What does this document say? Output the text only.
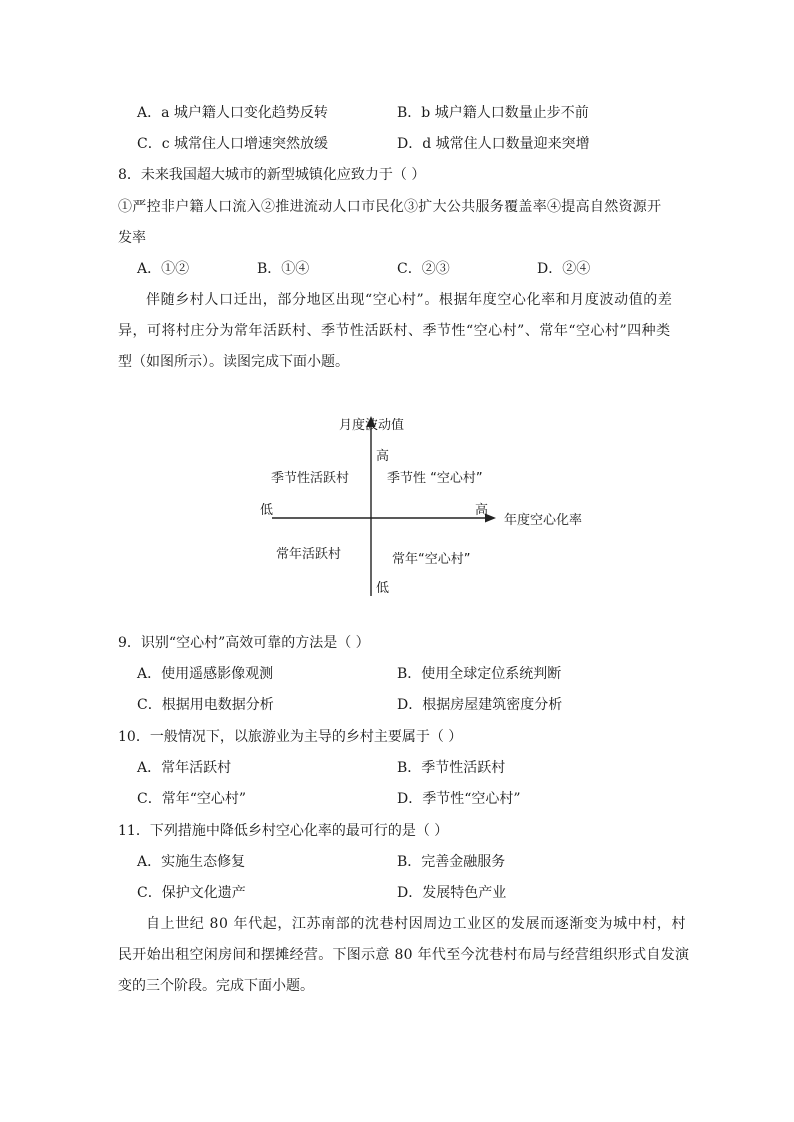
A．a 城户籍人口变化趋势反转	B．b 城户籍人口数量止步不前
C．c 城常住人口增速突然放缓	D．d 城常住人口数量迎来突增
8．未来我国超大城市的新型城镇化应致力于（ ）
①严控非户籍人口流入②推进流动人口市民化③扩大公共服务覆盖率④提高自然资源开
发率
A．①②	B．①④	C．②③	D．②④
伴随乡村人口迁出，部分地区出现“空心村”。根据年度空心化率和月度波动值的差
异，可将村庄分为常年活跃村、季节性活跃村、季节性“空心村”、常年“空心村”四种类
型（如图所示）。读图完成下面小题。
月度波动值
高
低
低	高
年度空心化率
季节性活跃村	季节性 “空心村”
常年活跃村	常年“空心村”
9．识别“空心村”高效可靠的方法是（ ）
A．使用遥感影像观测	B．使用全球定位系统判断
C．根据用电数据分析	D．根据房屋建筑密度分析
10．一般情况下，以旅游业为主导的乡村主要属于（ ）
A．常年活跃村	B．季节性活跃村
C．常年“空心村”	D．季节性“空心村”
11．下列措施中降低乡村空心化率的最可行的是（ ）
A．实施生态修复	B．完善金融服务
C．保护文化遗产	D．发展特色产业
自上世纪 80 年代起，江苏南部的沈巷村因周边工业区的发展而逐渐变为城中村，村
民开始出租空闲房间和摆摊经营。下图示意 80 年代至今沈巷村布局与经营组织形式自发演
变的三个阶段。完成下面小题。
